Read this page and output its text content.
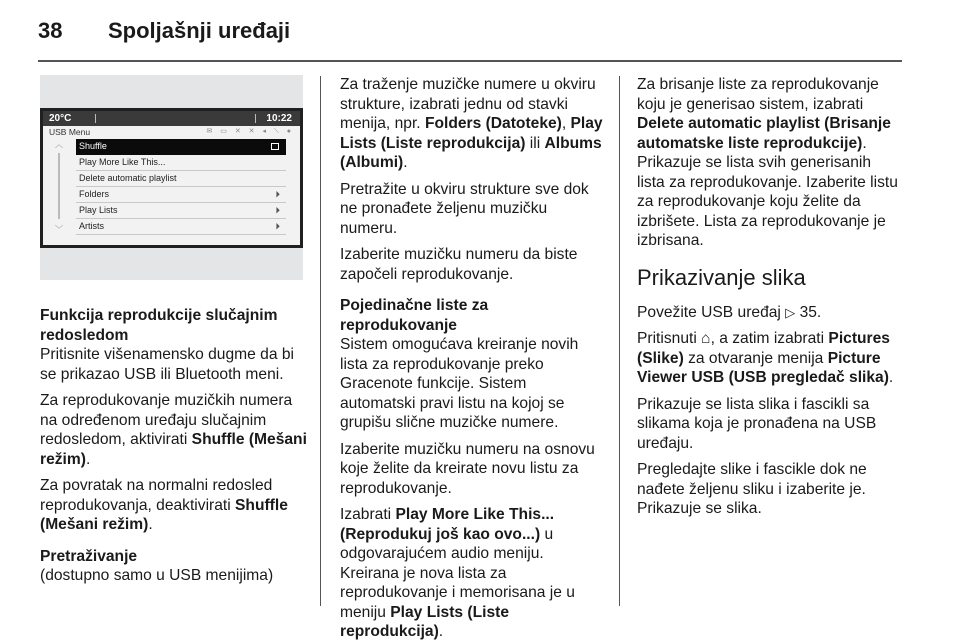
38 Spoljašnji uređaji
20°C	10:22
USB Menu	✉ ▭ ✕ ✕ ◂ ⟍ ●
︿
﹀
Shuffle
Play More Like This...
Delete automatic playlist
Folders	⏵
Play Lists	⏵
Artists	⏵
Funkcija reprodukcije slučajnim redosledom

Pritisnite višenamensko dugme da bi se prikazao USB ili Bluetooth meni.

Za reprodukovanje muzičkih numera na određenom uređaju slučajnim redosledom, aktivirati Shuffle (Mešani režim).

Za povratak na normalni redosled reprodukovanja, deaktivirati Shuffle (Mešani režim).

Pretraživanje

(dostupno samo u USB menijima)

Za traženje muzičke numere u okviru strukture, izabrati jednu od stavki menija, npr. Folders (Datoteke), Play Lists (Liste reprodukcija) ili Albums (Albumi).

Pretražite u okviru strukture sve dok ne pronađete željenu muzičku numeru.

Izaberite muzičku numeru da biste započeli reprodukovanje.

Pojedinačne liste za reprodukovanje

Sistem omogućava kreiranje novih lista za reprodukovanje preko Gracenote funkcije. Sistem automatski pravi listu na kojoj se grupišu slične muzičke numere.

Izaberite muzičku numeru na osnovu koje želite da kreirate novu listu za reprodukovanje.

Izabrati Play More Like This... (Reprodukuj još kao ovo...) u odgovarajućem audio meniju.

Kreirana je nova lista za reprodukovanje i memorisana je u meniju Play Lists (Liste reprodukcija).

Za brisanje liste za reprodukovanje koju je generisao sistem, izabrati Delete automatic playlist (Brisanje automatske liste reprodukcije).

Prikazuje se lista svih generisanih lista za reprodukovanje. Izaberite listu za reprodukovanje koju želite da izbrišete. Lista za reprodukovanje je izbrisana.

Prikazivanje slika

Povežite USB uređaj ▷ 35.

Pritisnuti ⌂, a zatim izabrati Pictures (Slike) za otvaranje menija Picture Viewer USB (USB pregledač slika).

Prikazuje se lista slika i fascikli sa slikama koja je pronađena na USB uređaju.

Pregledajte slike i fascikle dok ne nađete željenu sliku i izaberite je. Prikazuje se slika.
